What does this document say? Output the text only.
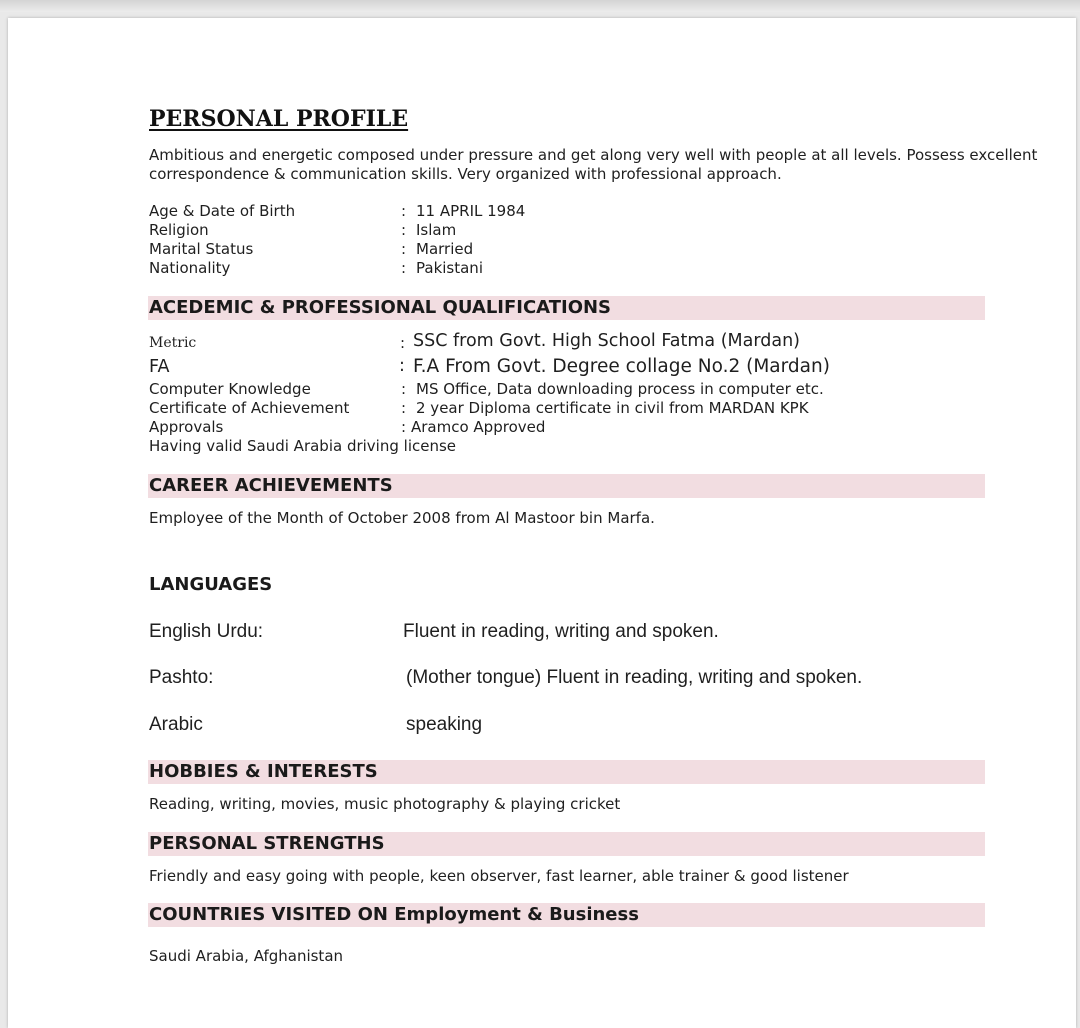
PERSONAL PROFILE
Ambitious and energetic composed under pressure and get along very well with people at all levels. Possess excellent
correspondence & communication skills. Very organized with professional approach.
Age & Date of Birth	: 11 APRIL 1984
Religion	: Islam
Marital Status	: Married
Nationality	: Pakistani
ACEDEMIC & PROFESSIONAL QUALIFICATIONS
Metric	: SSC from Govt. High School Fatma (Mardan)
FA	: F.A From Govt. Degree collage No.2 (Mardan)
Computer Knowledge	: MS Office, Data downloading process in computer etc.
Certificate of Achievement	: 2 year Diploma certificate in civil from MARDAN KPK
Approvals	: Aramco Approved
Having valid Saudi Arabia driving license
CAREER ACHIEVEMENTS
Employee of the Month of October 2008 from Al Mastoor bin Marfa.
LANGUAGES
English Urdu:	Fluent in reading, writing and spoken.
Pashto:	(Mother tongue) Fluent in reading, writing and spoken.
Arabic	speaking
HOBBIES & INTERESTS
Reading, writing, movies, music photography & playing cricket
PERSONAL STRENGTHS
Friendly and easy going with people, keen observer, fast learner, able trainer & good listener
COUNTRIES VISITED ON Employment & Business
Saudi Arabia, Afghanistan
